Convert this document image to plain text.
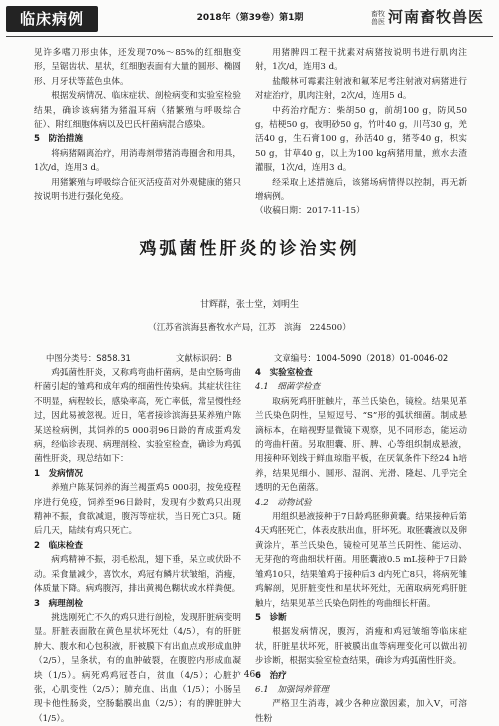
临床病例	2018年（第39卷）第1期	畜牧兽医 河南畜牧兽医

见许多嗜刀形虫体，还发现70%～85%的红细胞变形，呈锯齿状、星状，红细胞表面有大量的圆形、椭圆形、月牙状等蓝色虫体。

根据发病情况、临床症状、剖检病变和实验室检验结果，确诊该病猪为猪温耳病（猪繁殖与呼吸综合征）、附红细胞体病以及巴氏杆菌病混合感染。

5　防治措施

将病猪隔离治疗，用消毒剂带猪消毒圈舍和用具，1次/d，连用3 d。

用猪繁殖与呼吸综合征灭活疫苗对外观健康的猪只按说明书进行强化免疫。

用猪脾四工程干扰素对病猪按说明书进行肌肉注射，1次/d，连用3 d。

盐酸林可霉素注射液和氟苯尼考注射液对病猪进行对症治疗，肌肉注射，2次/d，连用5 d。

中药治疗配方：柴胡50 g，前胡100 g，防风50 g，桔梗50 g，夜明砂50 g，竹叶40 g，川芎30 g，羌活40 g，生石膏100 g，孙活40 g，猪苓40 g，枳实50 g，甘草40 g，以上为100 kg病猪用量，煎水去渣灌服，1次/d，连用3 d。

经采取上述措施后，该猪场病情得以控制，再无新增病例。

（收稿日期：2017-11-15）

鸡弧菌性肝炎的诊治实例
甘辉群，张士堂，刘明生
（江苏省滨海县畜牧水产局，江苏　滨海　224500）
中图分类号：S858.31	文献标识码：B	文章编号：1004-5090（2018）01-0046-02

鸡弧菌性肝炎，又称鸡弯曲杆菌病，是由空肠弯曲杆菌引起的雏鸡和成年鸡的细菌性传染病。其症状往往不明显，病程较长，感染率高，死亡率低，常呈慢性经过，因此易被忽视。近日，笔者接诊滨海县某养殖户陈某送检病例，其饲养的5 000羽96日龄的育成蛋鸡发病，经临诊表现、病理剖检、实验室检查，确诊为鸡弧菌性肝炎，现总结如下：

1　发病情况

养殖户陈某饲养的海兰褐蛋鸡5 000羽，按免疫程序进行免疫，饲养至96日龄时，发现有少数鸡只出现精神不振，食欲减退，腹泻等症状，当日死亡3只。随后几天，陆续有鸡只死亡。

2　临床检查

病鸡精神不振，羽毛松乱，翅下垂，呆立或伏卧不动。采食量减少，喜饮水，鸡冠有鳞片状皱缩，消瘦，体质量下降。病鸡腹泻，排出黄褐色糊状或水样粪便。

3　病理剖检

挑选刚死亡不久的鸡只进行剖检，发现肝脏病变明显。肝脏表面散在黄色星状坏死灶（4/5），有的肝脏肿大、腹水和心包积液，肝被膜下有出血点或形成血肿（2/5），呈条状，有的血肿破裂，在腹腔内形成血凝块（1/5）。病死鸡鸡冠苍白，贫血（4/5）；心脏扩张，心肌变性（2/5）；肺充血、出血（1/5）；小肠呈现卡他性肠炎，空肠黏膜出血（2/5）；有的脾脏肿大（1/5）。

4　实验室检查

4.1　细菌学检查

取病死鸡肝脏触片，革兰氏染色，镜检。结果见革兰氏染色阴性，呈短逗号、“S”形的弧状细菌。制成悬滴标本，在暗视野显微镜下观察，见不同形态，能运动的弯曲杆菌。另取胆囊、肝、脾、心等组织制成悬液，用接种环划线于鲜血琼脂平板，在厌氧条件下经24 h培养，结果见细小、圆形、湿润、光滑、隆起、几乎完全透明的无色菌落。

4.2　动物试验

用组织悬液接种于7日龄鸡胚卵黄囊。结果接种后第4天鸡胚死亡，体表皮肤出血，肝坏死。取胚囊液以及卵黄涂片，革兰氏染色，镜检可见革兰氏阴性、能运动、无芽孢的弯曲细状杆菌。用胚囊液0.5 mL接种于7日龄雏鸡10只，结果雏鸡于接种后3 d内死亡8只，将病死雏鸡解剖，见肝脏变性和星状坏死灶，无菌取病死鸡肝脏触片，结果见革兰氏染色阴性的弯曲细长杆菌。

5　诊断

根据发病情况，腹泻，消瘦和鸡冠皱缩等临床症状，肝脏星状坏死，肝被膜出血等病理变化可以做出初步诊断，根据实验室检查结果，确诊为鸡弧菌性肝炎。

6　治疗

6.1　加强饲养管理

严格卫生消毒，减少各种应激因素，加入V，可溶性粉

· 46 ·
